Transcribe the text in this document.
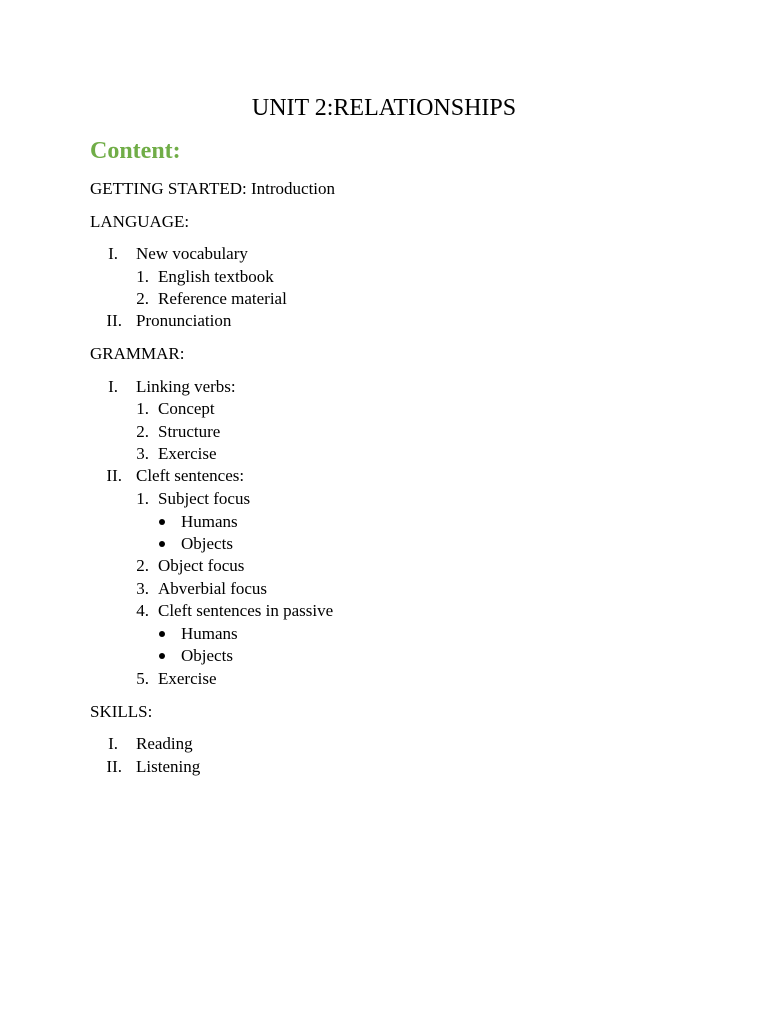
UNIT 2:RELATIONSHIPS
Content:
GETTING STARTED: Introduction
LANGUAGE:
I. New vocabulary
1. English textbook
2. Reference material
II. Pronunciation
GRAMMAR:
I. Linking verbs:
1. Concept
2. Structure
3. Exercise
II. Cleft sentences:
1. Subject focus
Humans
Objects
2. Object focus
3. Abverbial focus
4. Cleft sentences in passive
Humans
Objects
5. Exercise
SKILLS:
I. Reading
II. Listening
